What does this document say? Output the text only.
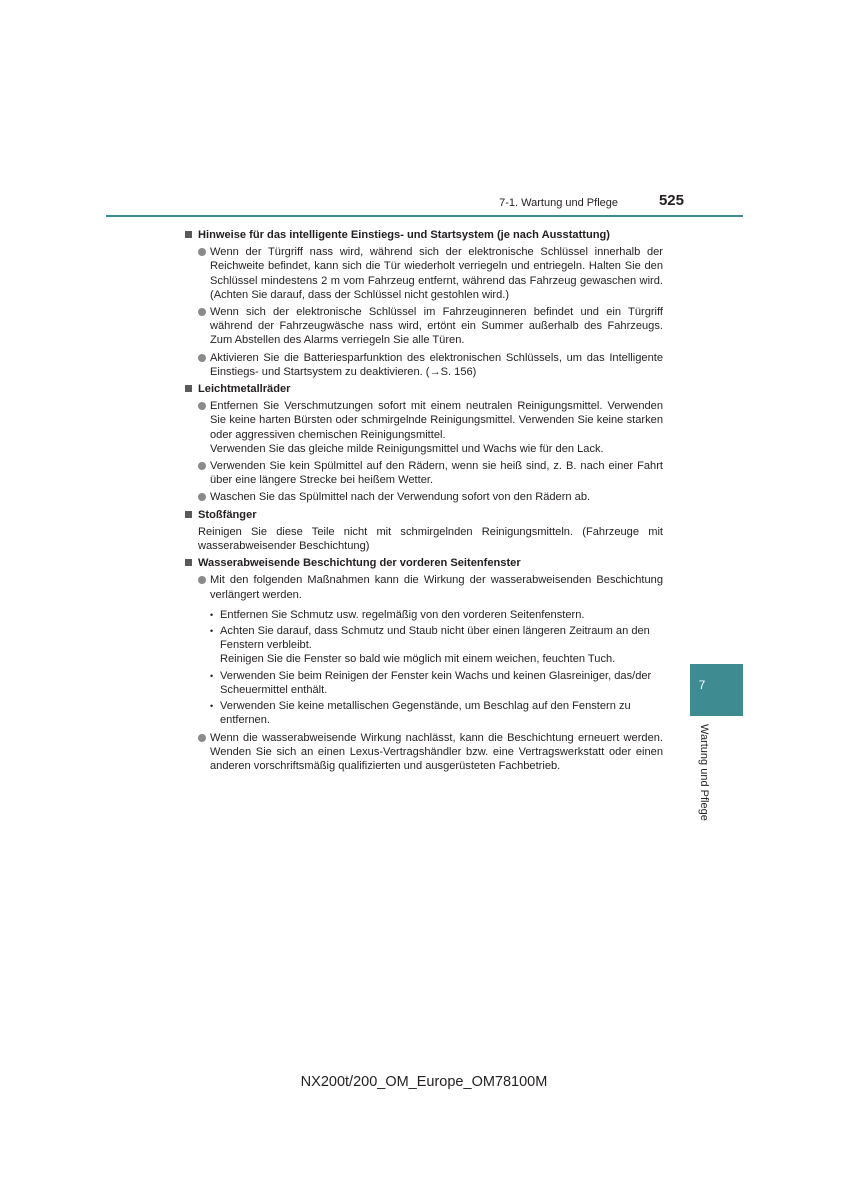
7-1. Wartung und Pflege	525
Hinweise für das intelligente Einstiegs- und Startsystem (je nach Ausstattung)
Wenn der Türgriff nass wird, während sich der elektronische Schlüssel innerhalb der Reichweite befindet, kann sich die Tür wiederholt verriegeln und entriegeln. Halten Sie den Schlüssel mindestens 2 m vom Fahrzeug entfernt, während das Fahrzeug gewaschen wird. (Achten Sie darauf, dass der Schlüssel nicht gestohlen wird.)
Wenn sich der elektronische Schlüssel im Fahrzeuginneren befindet und ein Türgriff während der Fahrzeugwäsche nass wird, ertönt ein Summer außerhalb des Fahrzeugs. Zum Abstellen des Alarms verriegeln Sie alle Türen.
Aktivieren Sie die Batteriesparfunktion des elektronischen Schlüssels, um das Intelligente Einstiegs- und Startsystem zu deaktivieren. (→S. 156)
Leichtmetallräder
Entfernen Sie Verschmutzungen sofort mit einem neutralen Reinigungsmittel. Verwenden Sie keine harten Bürsten oder schmirgelnde Reinigungsmittel. Verwenden Sie keine starken oder aggressiven chemischen Reinigungsmittel.
Verwenden Sie das gleiche milde Reinigungsmittel und Wachs wie für den Lack.
Verwenden Sie kein Spülmittel auf den Rädern, wenn sie heiß sind, z. B. nach einer Fahrt über eine längere Strecke bei heißem Wetter.
Waschen Sie das Spülmittel nach der Verwendung sofort von den Rädern ab.
Stoßfänger
Reinigen Sie diese Teile nicht mit schmirgelnden Reinigungsmitteln. (Fahrzeuge mit wasserabweisender Beschichtung)
Wasserabweisende Beschichtung der vorderen Seitenfenster
Mit den folgenden Maßnahmen kann die Wirkung der wasserabweisenden Beschichtung verlängert werden.
• Entfernen Sie Schmutz usw. regelmäßig von den vorderen Seitenfenstern.
• Achten Sie darauf, dass Schmutz und Staub nicht über einen längeren Zeitraum an den Fenstern verbleibt.
Reinigen Sie die Fenster so bald wie möglich mit einem weichen, feuchten Tuch.
• Verwenden Sie beim Reinigen der Fenster kein Wachs und keinen Glasreiniger, das/der Scheuermittel enthält.
• Verwenden Sie keine metallischen Gegenstände, um Beschlag auf den Fenstern zu entfernen.
Wenn die wasserabweisende Wirkung nachlässt, kann die Beschichtung erneuert werden. Wenden Sie sich an einen Lexus-Vertragshändler bzw. eine Vertragswerkstatt oder einen anderen vorschriftsmäßig qualifizierten und ausgerüsteten Fachbetrieb.
7
Wartung und Pflege
NX200t/200_OM_Europe_OM78100M
